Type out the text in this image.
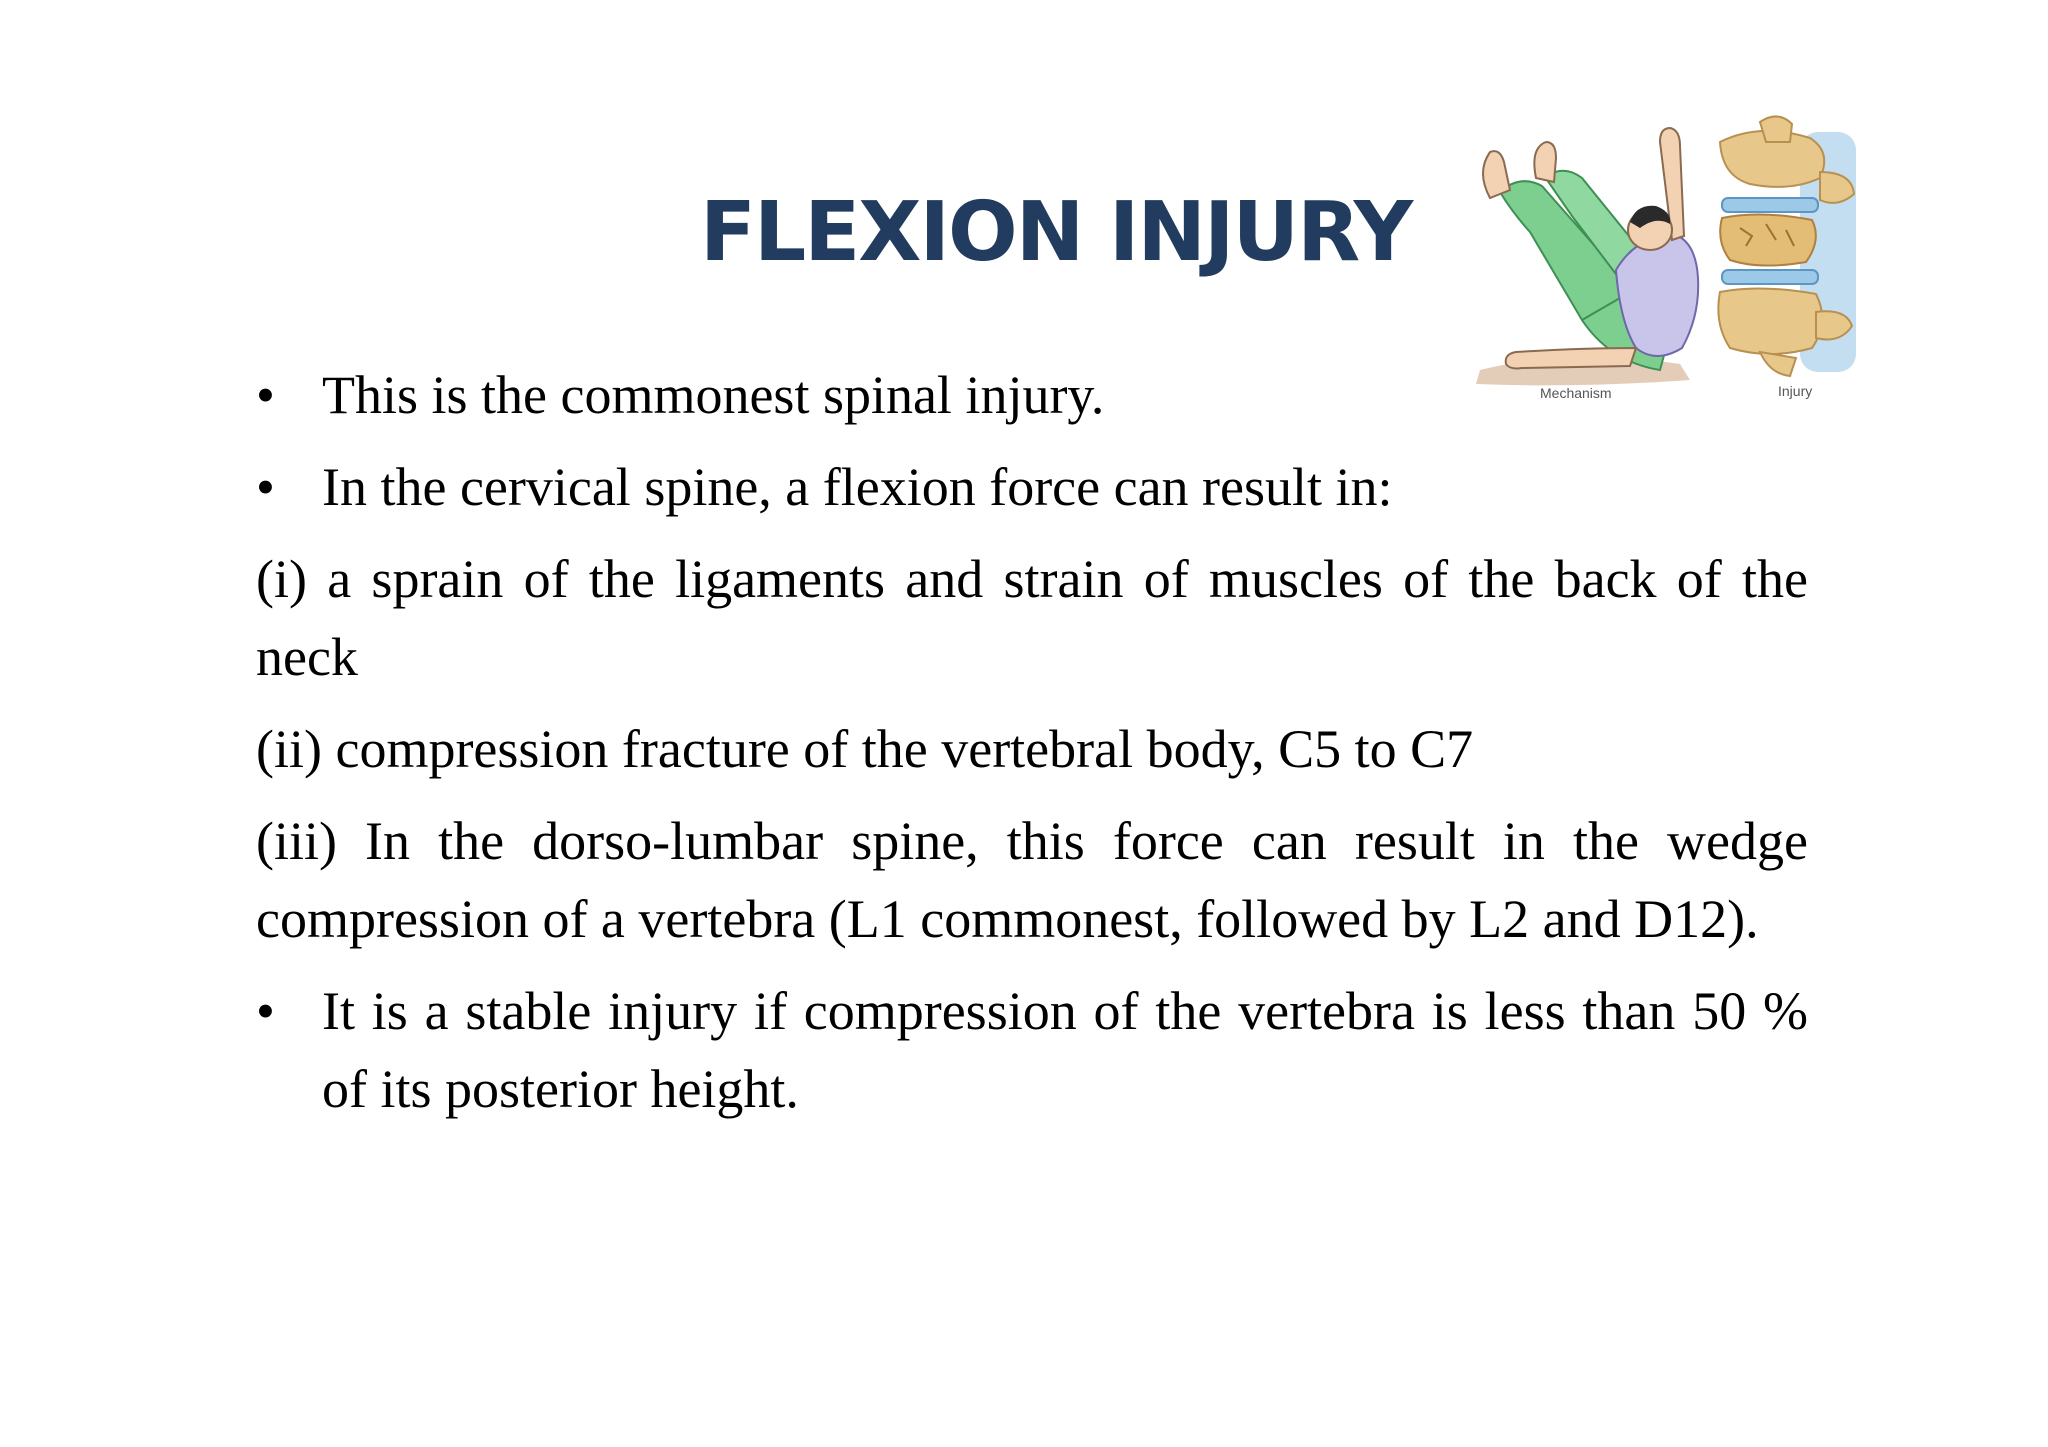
FLEXION INJURY
Mechanism	Injury
• This is the commonest spinal injury.
• In the cervical spine, a flexion force can result in:
(i) a sprain of the ligaments and strain of muscles of the back of the neck
(ii) compression fracture of the vertebral body, C5 to C7
(iii) In the dorso-lumbar spine, this force can result in the wedge compression of a vertebra (L1 commonest, followed by L2 and D12).
• It is a stable injury if compression of the vertebra is less than 50 % of its posterior height.
